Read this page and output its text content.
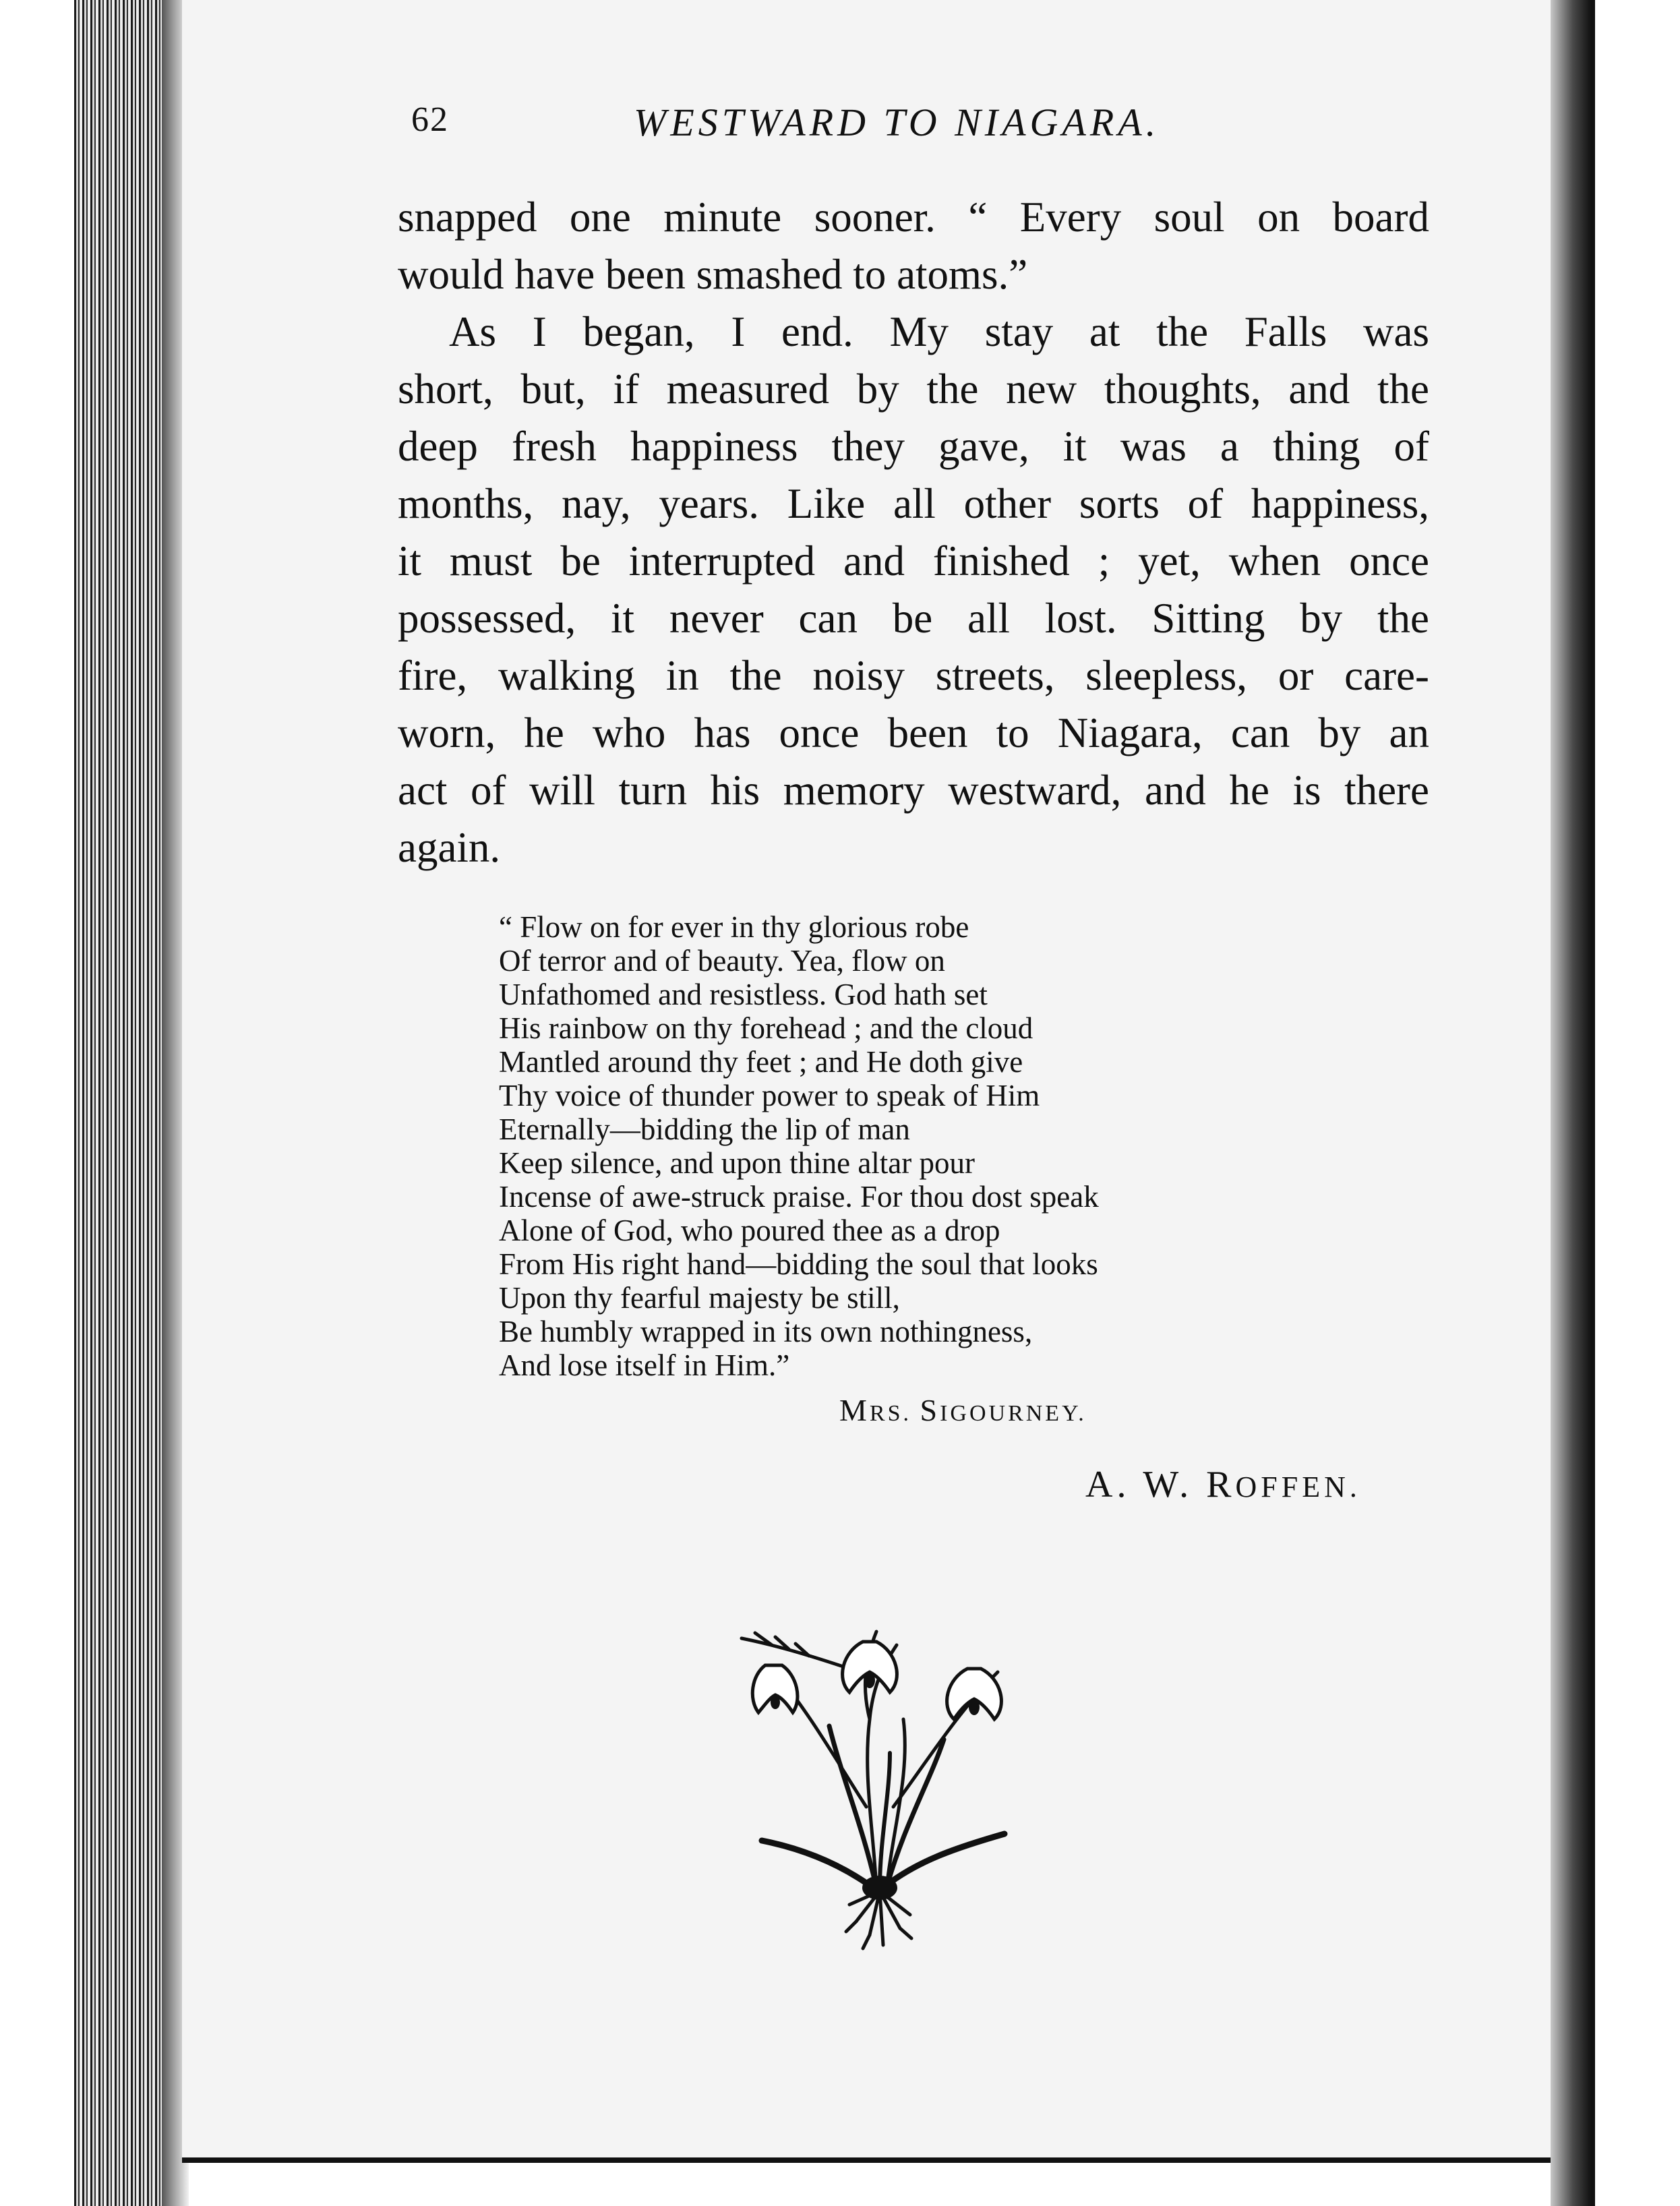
62	WESTWARD TO NIAGARA.
snapped one minute sooner. “ Every soul on board
would have been smashed to atoms.”
As I began, I end. My stay at the Falls was
short, but, if measured by the new thoughts, and the
deep fresh happiness they gave, it was a thing of
months, nay, years. Like all other sorts of happiness,
it must be interrupted and finished ; yet, when once
possessed, it never can be all lost. Sitting by the
fire, walking in the noisy streets, sleepless, or care-
worn, he who has once been to Niagara, can by an
act of will turn his memory westward, and he is there
again.
“ Flow on for ever in thy glorious robe
Of terror and of beauty. Yea, flow on
Unfathomed and resistless. God hath set
His rainbow on thy forehead ; and the cloud
Mantled around thy feet ; and He doth give
Thy voice of thunder power to speak of Him
Eternally—bidding the lip of man
Keep silence, and upon thine altar pour
Incense of awe-struck praise. For thou dost speak
Alone of God, who poured thee as a drop
From His right hand—bidding the soul that looks
Upon thy fearful majesty be still,
Be humbly wrapped in its own nothingness,
And lose itself in Him.”
MRS. SIGOURNEY.
A. W. ROFFEN.
